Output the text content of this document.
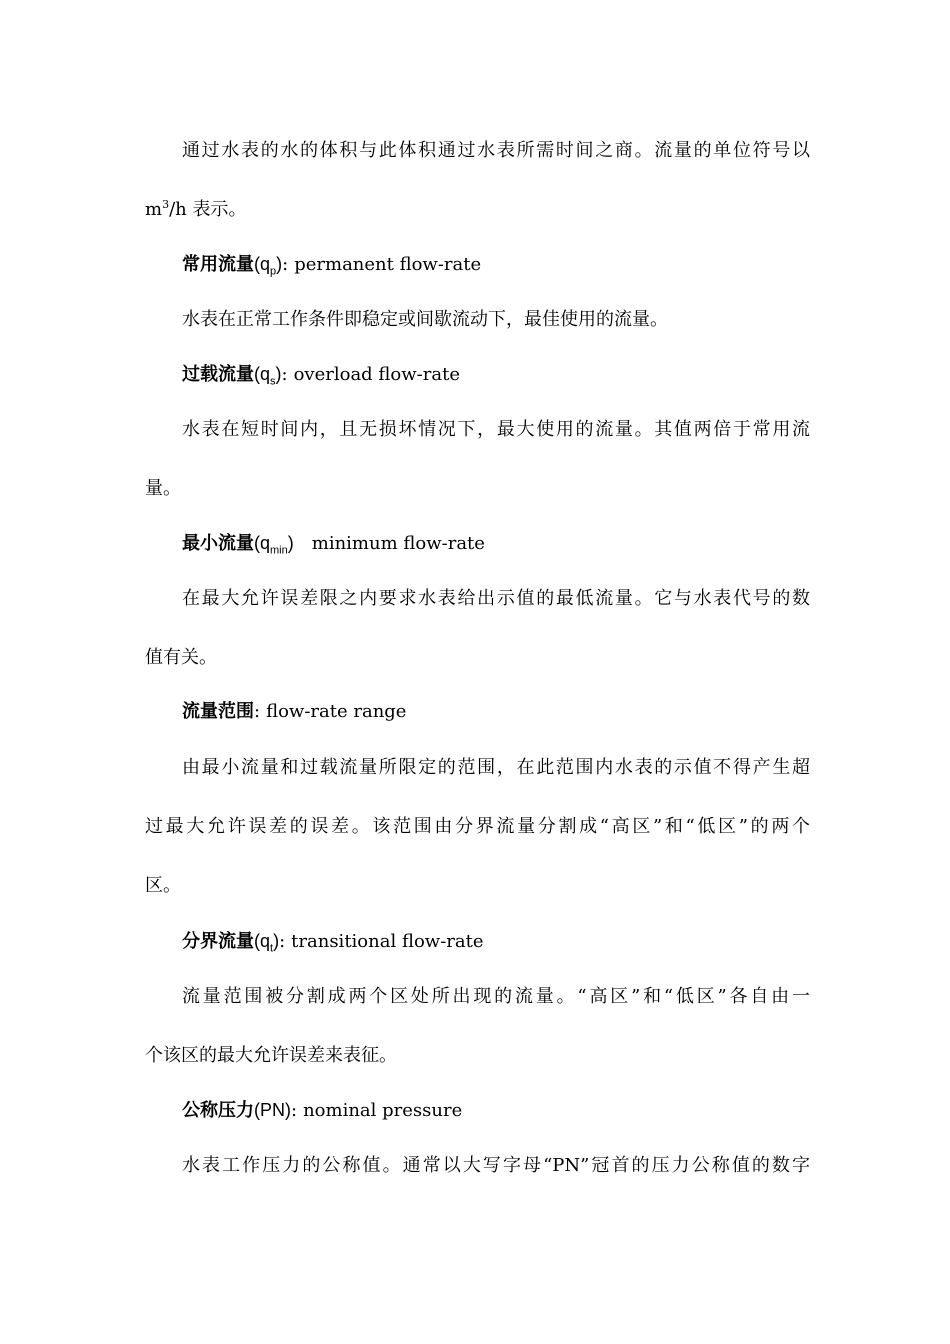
通过水表的水的体积与此体积通过水表所需时间之商。流量的单位符号以
$m^3/h$ 表示。
常用流量$(q_p)$: permanent flow-rate
水表在正常工作条件即稳定或间歇流动下，最佳使用的流量。
过载流量$(q_s)$: overload flow-rate
水表在短时间内，且无损坏情况下，最大使用的流量。其值两倍于常用流
量。
最小流量$(q_{min})$ minimum flow-rate
在最大允许误差限之内要求水表给出示值的最低流量。它与水表代号的数
值有关。
流量范围: flow-rate range
由最小流量和过载流量所限定的范围，在此范围内水表的示值不得产生超
过最大允许误差的误差。该范围由分界流量分割成“高区”和“低区”的两个
区。
分界流量$(q_t)$: transitional flow-rate
流量范围被分割成两个区处所出现的流量。“高区”和“低区”各自由一
个该区的最大允许误差来表征。
公称压力(PN): nominal pressure
水表工作压力的公称值。通常以大写字母“PN”冠首的压力公称值的数字
